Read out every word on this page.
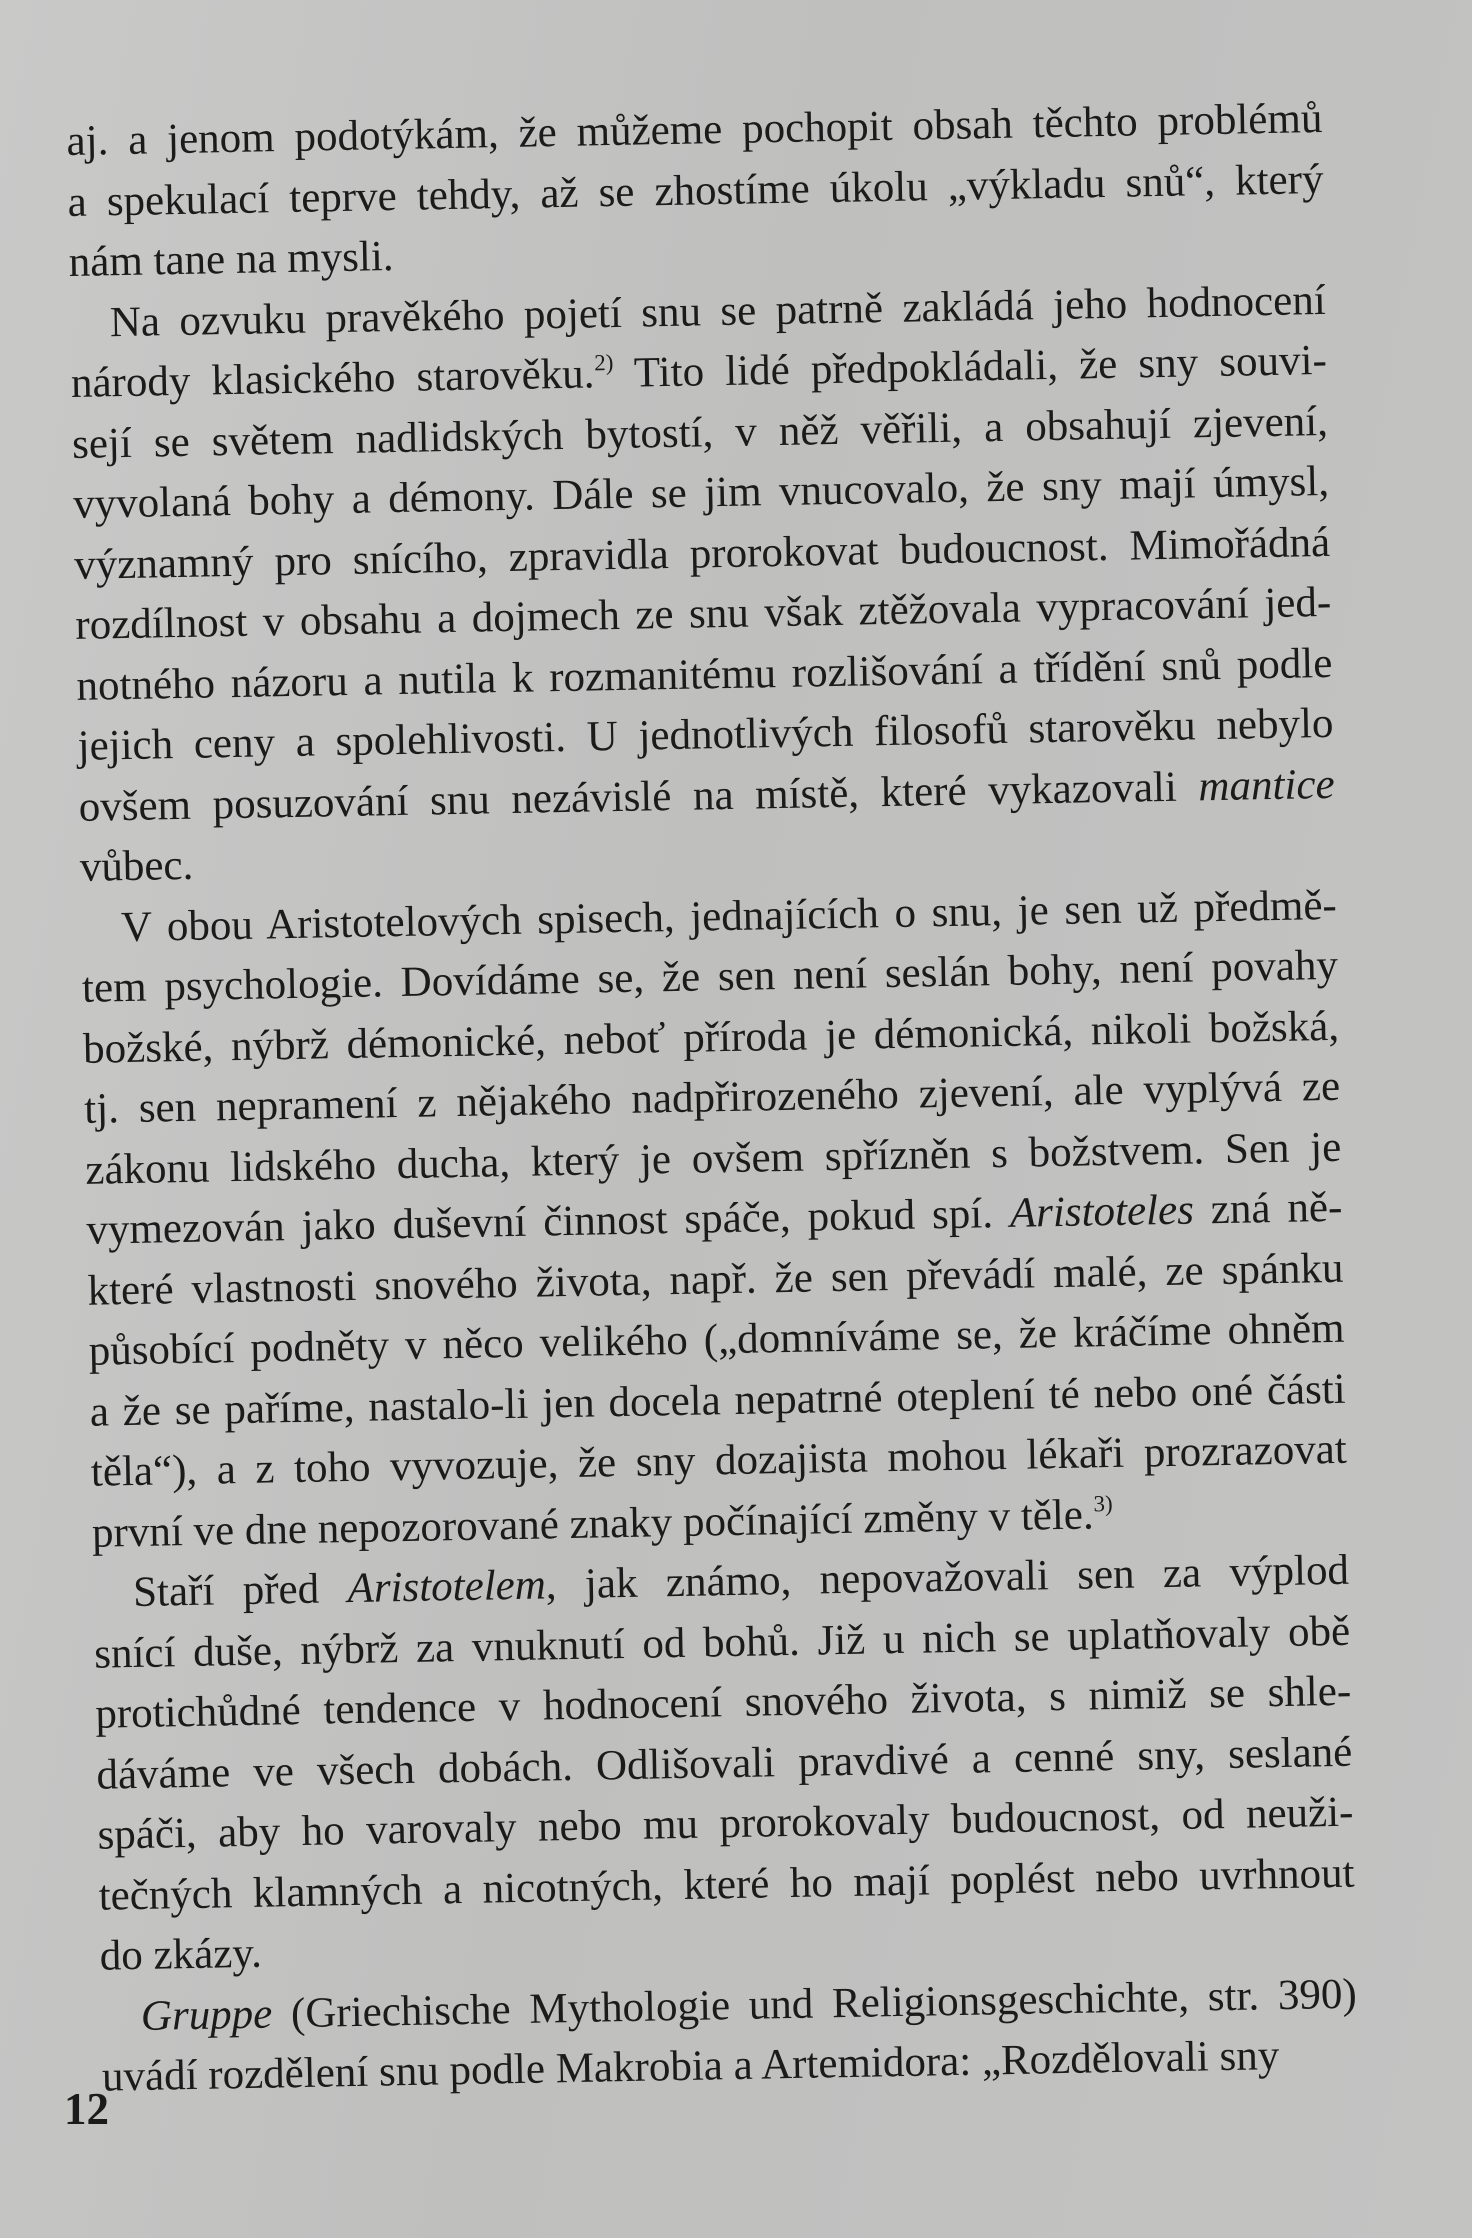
aj. a jenom podotýkám, že můžeme pochopit obsah těchto problémů
a spekulací teprve tehdy, až se zhostíme úkolu „výkladu snů“, který
nám tane na mysli.
Na ozvuku pravěkého pojetí snu se patrně zakládá jeho hodnocení
národy klasického starověku.$^{2)}$ Tito lidé předpokládali, že sny souvi-
sejí se světem nadlidských bytostí, v něž věřili, a obsahují zjevení,
vyvolaná bohy a démony. Dále se jim vnucovalo, že sny mají úmysl,
významný pro snícího, zpravidla prorokovat budoucnost. Mimořádná
rozdílnost v obsahu a dojmech ze snu však ztěžovala vypracování jed-
notného názoru a nutila k rozmanitému rozlišování a třídění snů podle
jejich ceny a spolehlivosti. U jednotlivých filosofů starověku nebylo
ovšem posuzování snu nezávislé na místě, které vykazovali mantice
vůbec.
V obou Aristotelových spisech, jednajících o snu, je sen už předmě-
tem psychologie. Dovídáme se, že sen není seslán bohy, není povahy
božské, nýbrž démonické, neboť příroda je démonická, nikoli božská,
tj. sen nepramení z nějakého nadpřirozeného zjevení, ale vyplývá ze
zákonu lidského ducha, který je ovšem spřízněn s božstvem. Sen je
vymezován jako duševní činnost spáče, pokud spí. Aristoteles zná ně-
které vlastnosti snového života, např. že sen převádí malé, ze spánku
působící podněty v něco velikého („domníváme se, že kráčíme ohněm
a že se paříme, nastalo-li jen docela nepatrné oteplení té nebo oné části
těla“), a z toho vyvozuje, že sny dozajista mohou lékaři prozrazovat
první ve dne nepozorované znaky počínající změny v těle.$^{3)}$
Staří před Aristotelem, jak známo, nepovažovali sen za výplod
snící duše, nýbrž za vnuknutí od bohů. Již u nich se uplatňovaly obě
protichůdné tendence v hodnocení snového života, s nimiž se shle-
dáváme ve všech dobách. Odlišovali pravdivé a cenné sny, seslané
spáči, aby ho varovaly nebo mu prorokovaly budoucnost, od neuži-
tečných klamných a nicotných, které ho mají poplést nebo uvrhnout
do zkázy.
Gruppe (Griechische Mythologie und Religionsgeschichte, str. 390)
uvádí rozdělení snu podle Makrobia a Artemidora: „Rozdělovali sny
12
